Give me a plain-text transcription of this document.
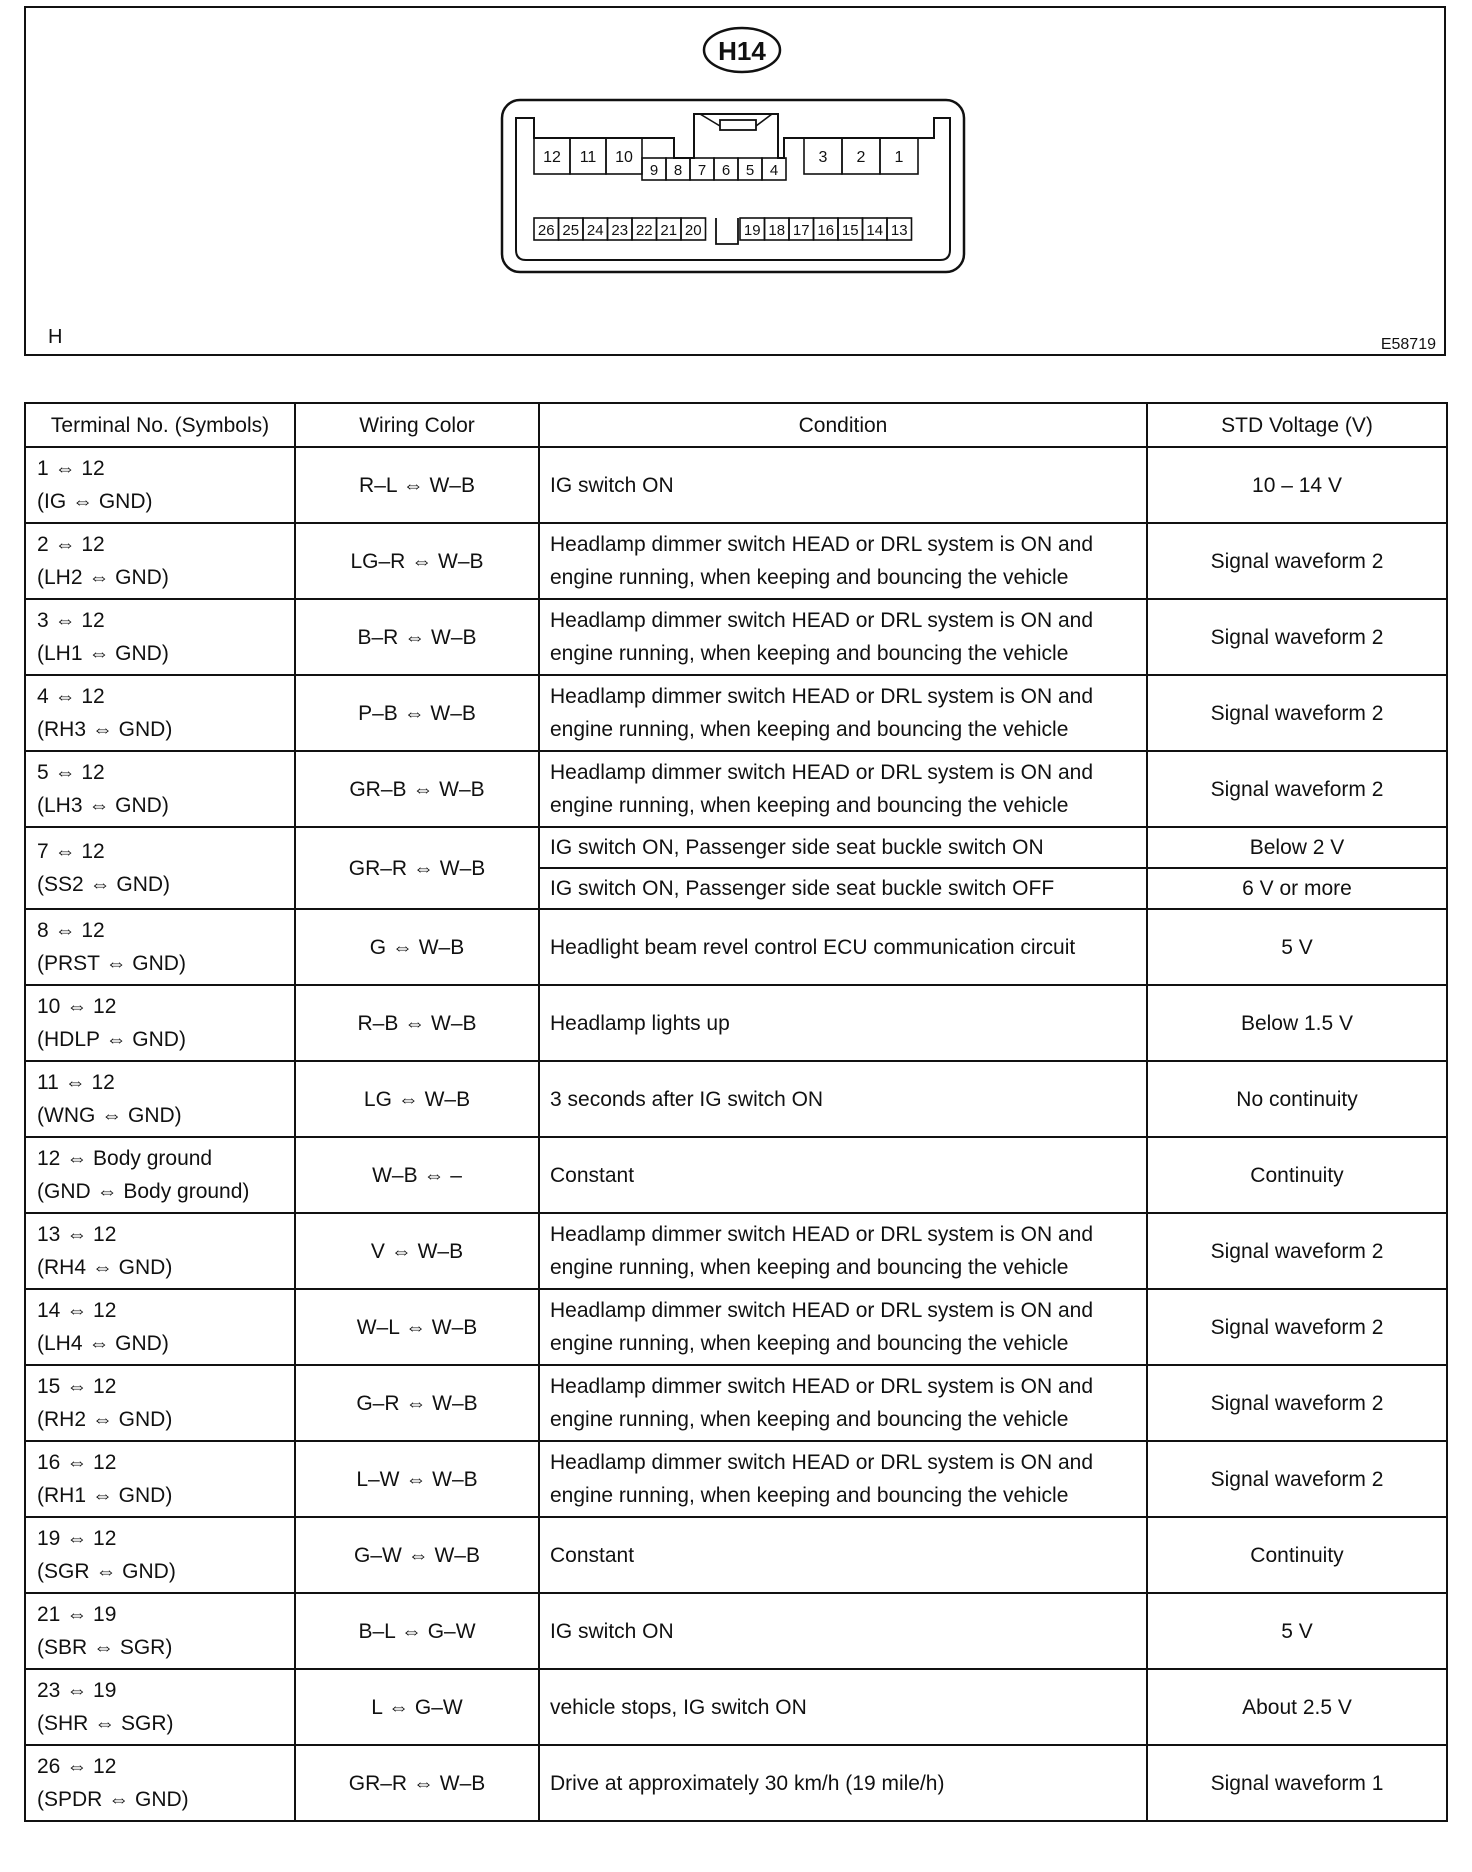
H14
12 11 10
9 8 7 6 5 4
3 2 1
26 25 24 23 22 21 20	19 18 17 16 15 14 13
H	E58719
Terminal No. (Symbols)	Wiring Color	Condition	STD Voltage (V)

1 ⇔ 12
(IG ⇔ GND)	R–L ⇔ W–B	IG switch ON	10 – 14 V

2 ⇔ 12
(LH2 ⇔ GND)	LG–R ⇔ W–B	Headlamp dimmer switch HEAD or DRL system is ON and
engine running, when keeping and bouncing the vehicle	Signal waveform 2

3 ⇔ 12
(LH1 ⇔ GND)	B–R ⇔ W–B	Headlamp dimmer switch HEAD or DRL system is ON and
engine running, when keeping and bouncing the vehicle	Signal waveform 2

4 ⇔ 12
(RH3 ⇔ GND)	P–B ⇔ W–B	Headlamp dimmer switch HEAD or DRL system is ON and
engine running, when keeping and bouncing the vehicle	Signal waveform 2

5 ⇔ 12
(LH3 ⇔ GND)	GR–B ⇔ W–B	Headlamp dimmer switch HEAD or DRL system is ON and
engine running, when keeping and bouncing the vehicle	Signal waveform 2

7 ⇔ 12
(SS2 ⇔ GND)	GR–R ⇔ W–B	IG switch ON, Passenger side seat buckle switch ON	Below 2 V
		IG switch ON, Passenger side seat buckle switch OFF	6 V or more

8 ⇔ 12
(PRST ⇔ GND)	G ⇔ W–B	Headlight beam revel control ECU communication circuit	5 V

10 ⇔ 12
(HDLP ⇔ GND)	R–B ⇔ W–B	Headlamp lights up	Below 1.5 V

11 ⇔ 12
(WNG ⇔ GND)	LG ⇔ W–B	3 seconds after IG switch ON	No continuity

12 ⇔ Body ground
(GND ⇔ Body ground)	W–B ⇔ –	Constant	Continuity

13 ⇔ 12
(RH4 ⇔ GND)	V ⇔ W–B	Headlamp dimmer switch HEAD or DRL system is ON and
engine running, when keeping and bouncing the vehicle	Signal waveform 2

14 ⇔ 12
(LH4 ⇔ GND)	W–L ⇔ W–B	Headlamp dimmer switch HEAD or DRL system is ON and
engine running, when keeping and bouncing the vehicle	Signal waveform 2

15 ⇔ 12
(RH2 ⇔ GND)	G–R ⇔ W–B	Headlamp dimmer switch HEAD or DRL system is ON and
engine running, when keeping and bouncing the vehicle	Signal waveform 2

16 ⇔ 12
(RH1 ⇔ GND)	L–W ⇔ W–B	Headlamp dimmer switch HEAD or DRL system is ON and
engine running, when keeping and bouncing the vehicle	Signal waveform 2

19 ⇔ 12
(SGR ⇔ GND)	G–W ⇔ W–B	Constant	Continuity

21 ⇔ 19
(SBR ⇔ SGR)	B–L ⇔ G–W	IG switch ON	5 V

23 ⇔ 19
(SHR ⇔ SGR)	L ⇔ G–W	vehicle stops, IG switch ON	About 2.5 V

26 ⇔ 12
(SPDR ⇔ GND)	GR–R ⇔ W–B	Drive at approximately 30 km/h (19 mile/h)	Signal waveform 1
